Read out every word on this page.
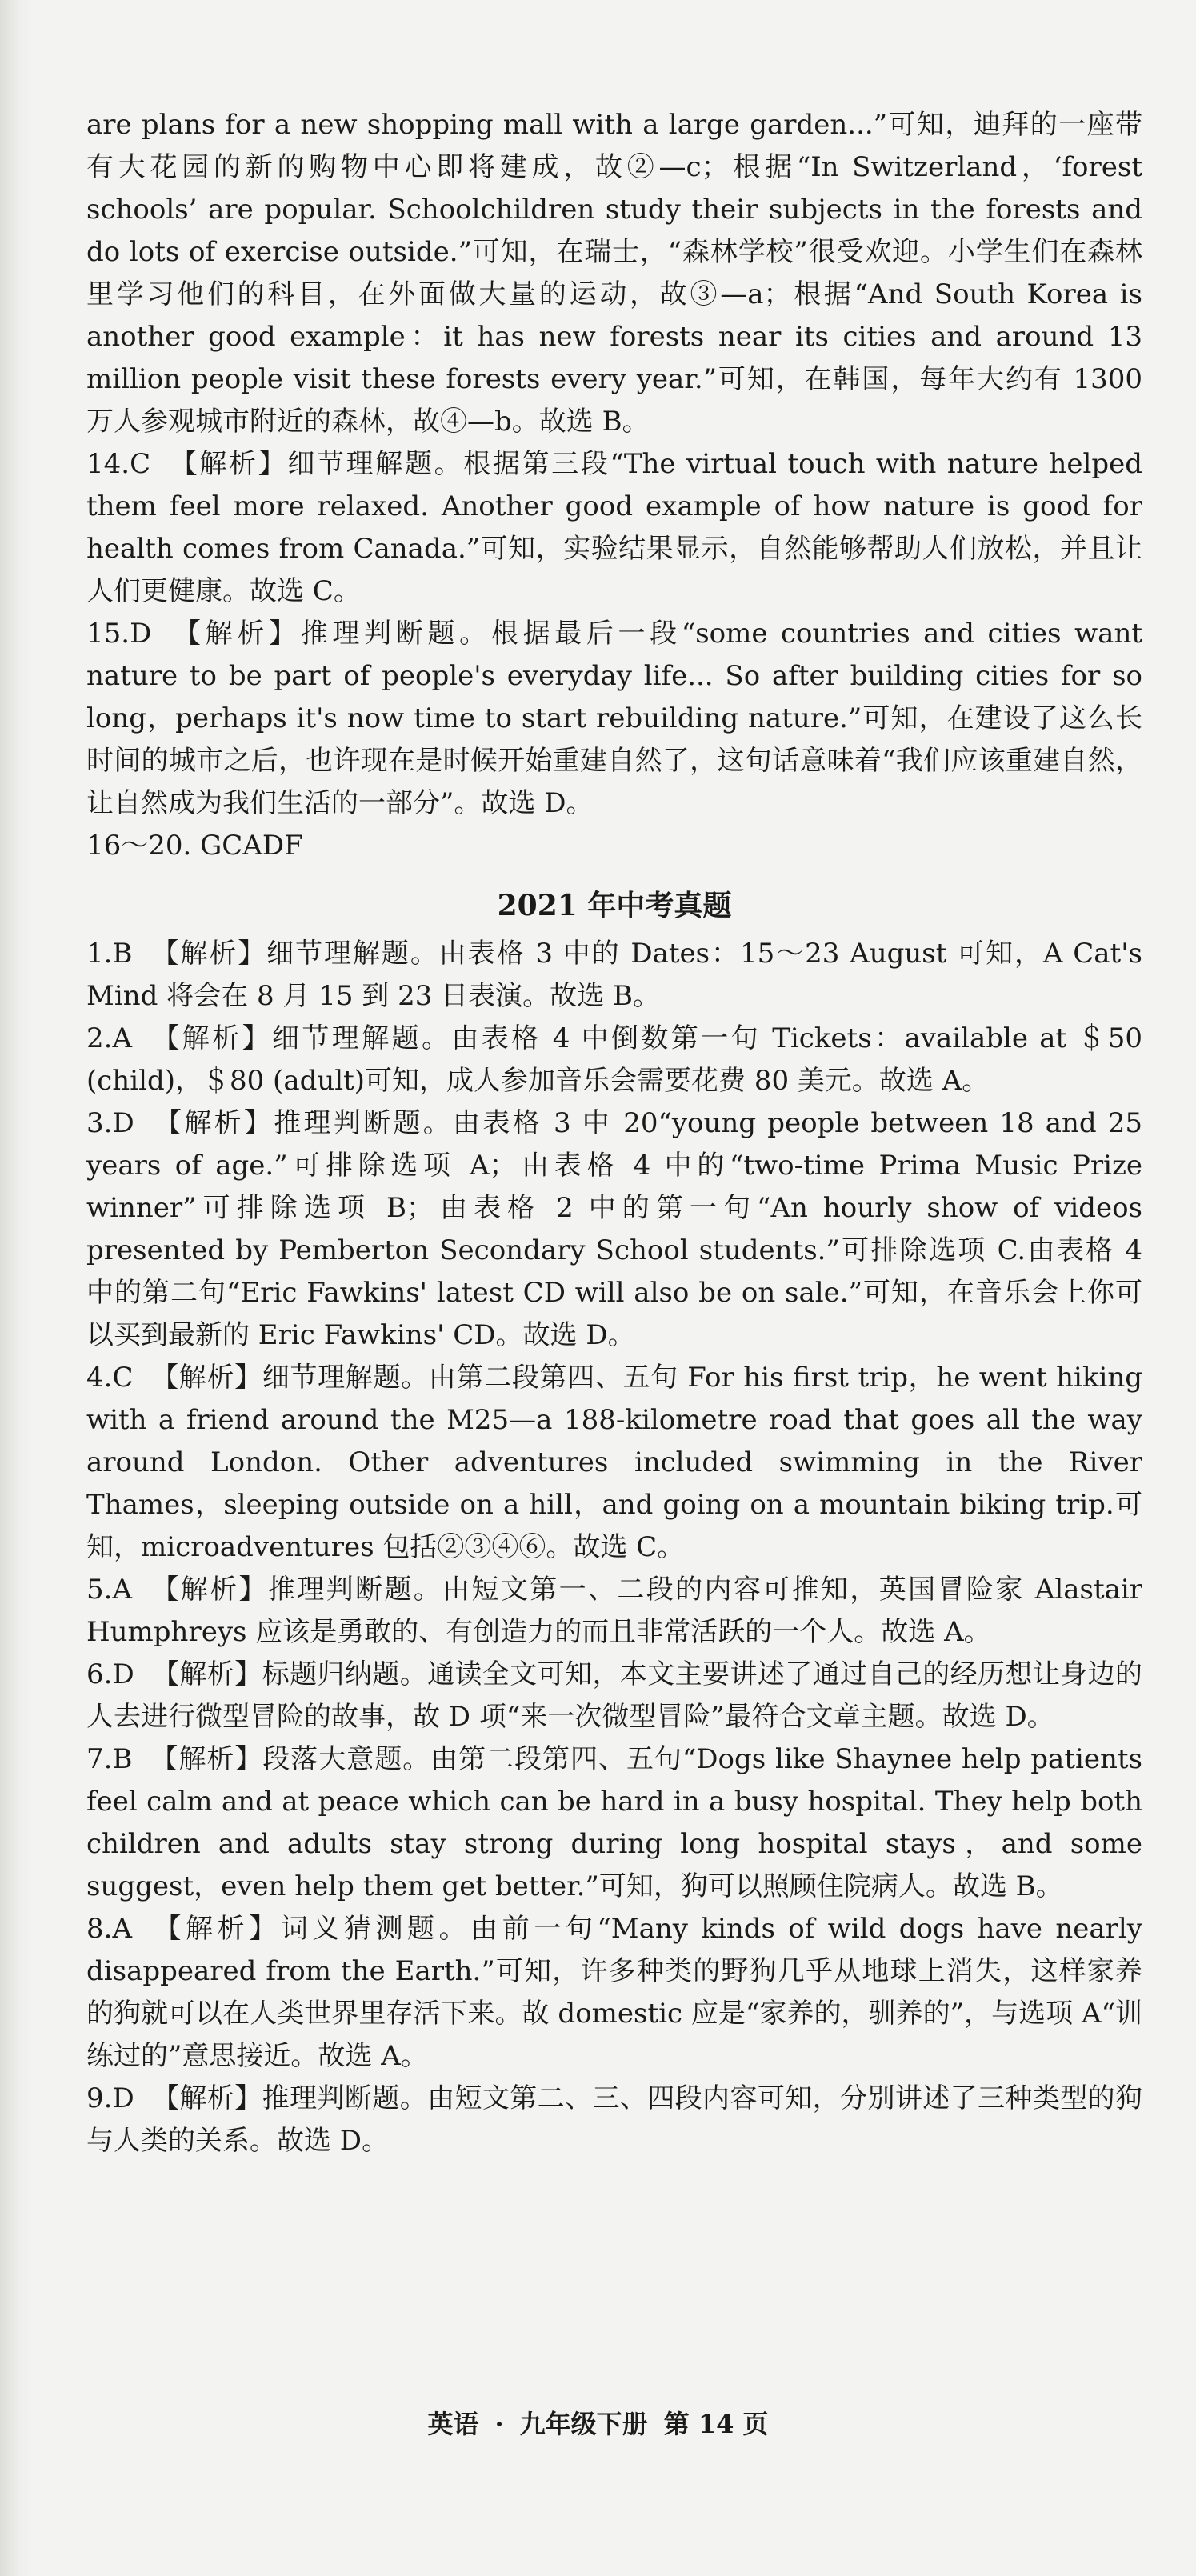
are plans for a new shopping mall with a large garden...”可知，迪拜的一座带有大花园的新的购物中心即将建成，故②—c；根据“In Switzerland，‘forest schools’ are popular. Schoolchildren study their subjects in the forests and do lots of exercise outside.”可知，在瑞士，“森林学校”很受欢迎。小学生们在森林里学习他们的科目，在外面做大量的运动，故③—a；根据“And South Korea is another good example：it has new forests near its cities and around 13 million people visit these forests every year.”可知，在韩国，每年大约有 1300 万人参观城市附近的森林，故④—b。故选 B。

14.C 【解析】细节理解题。根据第三段“The virtual touch with nature helped them feel more relaxed. Another good example of how nature is good for health comes from Canada.”可知，实验结果显示，自然能够帮助人们放松，并且让人们更健康。故选 C。

15.D 【解析】推理判断题。根据最后一段“some countries and cities want nature to be part of people's everyday life... So after building cities for so long，perhaps it's now time to start rebuilding nature.”可知，在建设了这么长时间的城市之后，也许现在是时候开始重建自然了，这句话意味着“我们应该重建自然，让自然成为我们生活的一部分”。故选 D。

16～20. GCADF

2021 年中考真题

1.B 【解析】细节理解题。由表格 3 中的 Dates：15～23 August 可知，A Cat's Mind 将会在 8 月 15 到 23 日表演。故选 B。

2.A 【解析】细节理解题。由表格 4 中倒数第一句 Tickets：available at ＄50 (child)，＄80 (adult)可知，成人参加音乐会需要花费 80 美元。故选 A。

3.D 【解析】推理判断题。由表格 3 中 20“young people between 18 and 25 years of age.”可排除选项 A；由表格 4 中的“two-time Prima Music Prize winner”可排除选项 B；由表格 2 中的第一句“An hourly show of videos presented by Pemberton Secondary School students.”可排除选项 C.由表格 4 中的第二句“Eric Fawkins' latest CD will also be on sale.”可知，在音乐会上你可以买到最新的 Eric Fawkins' CD。故选 D。

4.C 【解析】细节理解题。由第二段第四、五句 For his first trip，he went hiking with a friend around the M25—a 188-kilometre road that goes all the way around London. Other adventures included swimming in the River Thames，sleeping outside on a hill，and going on a mountain biking trip.可知，microadventures 包括②③④⑥。故选 C。

5.A 【解析】推理判断题。由短文第一、二段的内容可推知，英国冒险家 Alastair Humphreys 应该是勇敢的、有创造力的而且非常活跃的一个人。故选 A。

6.D 【解析】标题归纳题。通读全文可知，本文主要讲述了通过自己的经历想让身边的人去进行微型冒险的故事，故 D 项“来一次微型冒险”最符合文章主题。故选 D。

7.B 【解析】段落大意题。由第二段第四、五句“Dogs like Shaynee help patients feel calm and at peace which can be hard in a busy hospital. They help both children and adults stay strong during long hospital stays，and some suggest，even help them get better.”可知，狗可以照顾住院病人。故选 B。

8.A 【解析】词义猜测题。由前一句“Many kinds of wild dogs have nearly disappeared from the Earth.”可知，许多种类的野狗几乎从地球上消失，这样家养的狗就可以在人类世界里存活下来。故 domestic 应是“家养的，驯养的”，与选项 A“训练过的”意思接近。故选 A。

9.D 【解析】推理判断题。由短文第二、三、四段内容可知，分别讲述了三种类型的狗与人类的关系。故选 D。

英语 · 九年级下册 第 14 页
